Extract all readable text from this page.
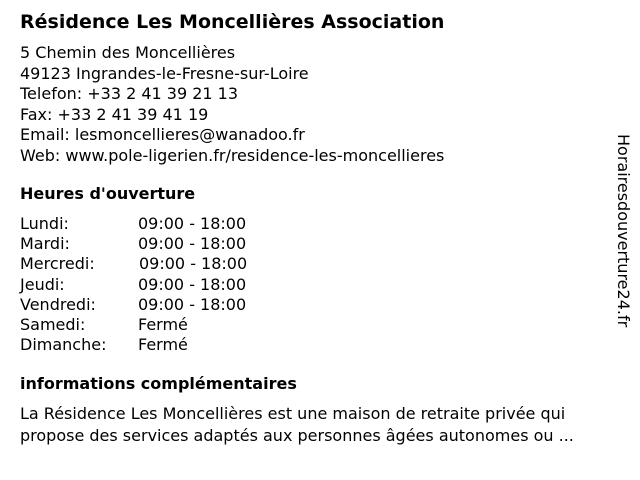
Résidence Les Moncellières Association
5 Chemin des Moncellières
49123 Ingrandes-le-Fresne-sur-Loire
Telefon: +33 2 41 39 21 13
Fax: +33 2 41 39 41 19
Email: lesmoncellieres@wanadoo.fr
Web: www.pole-ligerien.fr/residence-les-moncellieres
Heures d'ouverture
Lundi:	09:00 - 18:00
Mardi:	09:00 - 18:00
Mercredi:	09:00 - 18:00
Jeudi:	09:00 - 18:00
Vendredi:	09:00 - 18:00
Samedi:	Fermé
Dimanche: Fermé
informations complémentaires
La Résidence Les Moncellières est une maison de retraite privée qui
propose des services adaptés aux personnes âgées autonomes ou ...
Horairesdouverture24.fr
